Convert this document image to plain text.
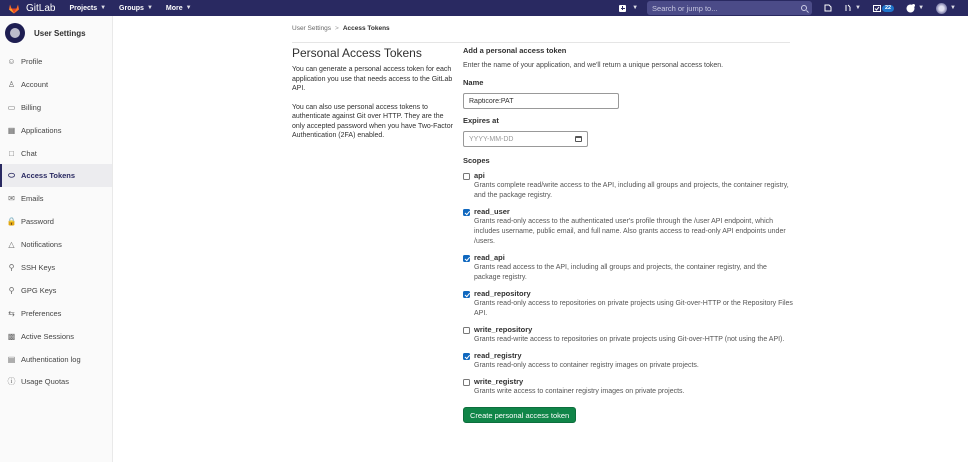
GitLab Projects ▼ Groups ▼ More ▼	▼
Search or jump to...	▼	22	▼	▼
User Settings
☺ Profile
♙ Account
▭ Billing
▦ Applications
□ Chat
⬭ Access Tokens
✉ Emails
🔒 Password
△ Notifications
⚲ SSH Keys
⚲ GPG Keys
⇆ Preferences
▩ Active Sessions
▤ Authentication log
ⓘ Usage Quotas
User Settings > Access Tokens
Personal Access Tokens

You can generate a personal access token for each application you use that needs access to the GitLab API.

You can also use personal access tokens to authenticate against Git over HTTP. They are the only accepted password when you have Two-Factor Authentication (2FA) enabled.

Add a personal access token
Enter the name of your application, and we'll return a unique personal access token.
Name
Rapticore:PAT
Expires at
YYYY-MM-DD
Scopes
api
Grants complete read/write access to the API, including all groups and projects, the container registry, and the package registry.
read_user
Grants read-only access to the authenticated user's profile through the /user API endpoint, which includes username, public email, and full name. Also grants access to read-only API endpoints under /users.
read_api
Grants read access to the API, including all groups and projects, the container registry, and the package registry.
read_repository
Grants read-only access to repositories on private projects using Git-over-HTTP or the Repository Files API.
write_repository
Grants read-write access to repositories on private projects using Git-over-HTTP (not using the API).
read_registry
Grants read-only access to container registry images on private projects.
write_registry
Grants write access to container registry images on private projects.
Create personal access token
